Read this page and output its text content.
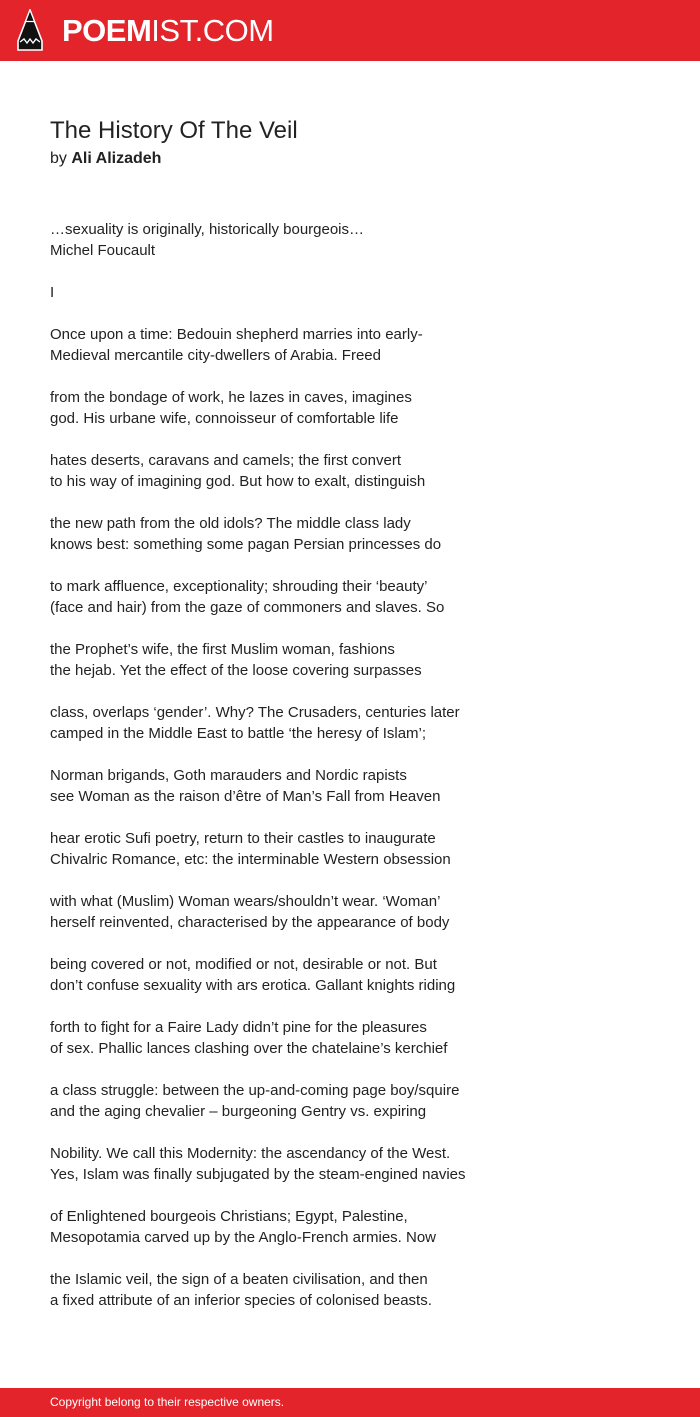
POEMIST.COM
The History Of The Veil
by Ali Alizadeh
…sexuality is originally, historically bourgeois…
Michel Foucault
I
Once upon a time: Bedouin shepherd marries into early-
Medieval mercantile city-dwellers of Arabia. Freed
from the bondage of work, he lazes in caves, imagines
god. His urbane wife, connoisseur of comfortable life
hates deserts, caravans and camels; the first convert
to his way of imagining god. But how to exalt, distinguish
the new path from the old idols? The middle class lady
knows best: something some pagan Persian princesses do
to mark affluence, exceptionality; shrouding their ‘beauty’
(face and hair) from the gaze of commoners and slaves. So
the Prophet’s wife, the first Muslim woman, fashions
the hejab. Yet the effect of the loose covering surpasses
class, overlaps ‘gender’. Why? The Crusaders, centuries later
camped in the Middle East to battle ‘the heresy of Islam’;
Norman brigands, Goth marauders and Nordic rapists
see Woman as the raison d’être of Man’s Fall from Heaven
hear erotic Sufi poetry, return to their castles to inaugurate
Chivalric Romance, etc: the interminable Western obsession
with what (Muslim) Woman wears/shouldn’t wear. ‘Woman’
herself reinvented, characterised by the appearance of body
being covered or not, modified or not, desirable or not. But
don’t confuse sexuality with ars erotica. Gallant knights riding
forth to fight for a Faire Lady didn’t pine for the pleasures
of sex. Phallic lances clashing over the chatelaine’s kerchief
a class struggle: between the up-and-coming page boy/squire
and the aging chevalier – burgeoning Gentry vs. expiring
Nobility. We call this Modernity: the ascendancy of the West.
Yes, Islam was finally subjugated by the steam-engined navies
of Enlightened bourgeois Christians; Egypt, Palestine,
Mesopotamia carved up by the Anglo-French armies. Now
the Islamic veil, the sign of a beaten civilisation, and then
a fixed attribute of an inferior species of colonised beasts.
Copyright belong to their respective owners.
